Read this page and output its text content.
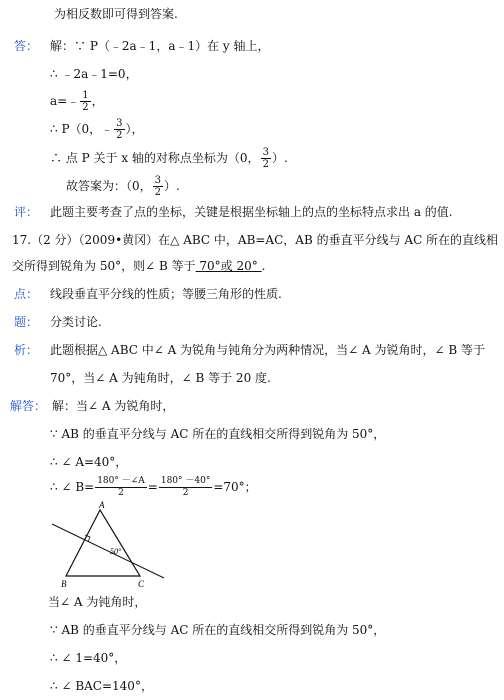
为相反数即可得到答案.
答： 解：∵ P（﹣2a﹣1，a﹣1）在 y 轴上，
∴ ﹣2a﹣1=0，
a=﹣ $\frac{1}{2}$ ，
∴ P（0，﹣ $\frac{3}{2}$ ），
∴ 点 P 关于 x 轴的对称点坐标为（0， $\frac{3}{2}$ ）.
故答案为：（0， $\frac{3}{2}$ ）.
评： 此题主要考查了点的坐标，关键是根据坐标轴上的点的坐标特点求出 a 的值.
17.（2 分）（2009•黄冈）在△ ABC 中，AB=AC，AB 的垂直平分线与 AC 所在的直线相
交所得到锐角为 50°，则∠ B 等于 70°或 20° .
点： 线段垂直平分线的性质；等腰三角形的性质.
题： 分类讨论.
析： 此题根据△ ABC 中∠ A 为锐角与钝角分为两种情况，当∠ A 为锐角时，∠ B 等于
70°，当∠ A 为钝角时，∠ B 等于 20 度.
解答： 解：当∠ A 为锐角时，
∵ AB 的垂直平分线与 AC 所在的直线相交所得到锐角为 50°，
∴ ∠ A=40°，
∴ ∠ $B= \frac{180^\circ -\angle A}{2} = \frac{180^\circ -40^\circ}{2} =70^\circ$；
A
B	C
50°
当∠ A 为钝角时，
∵ AB 的垂直平分线与 AC 所在的直线相交所得到锐角为 50°，
∴ ∠ 1=40°，
∴ ∠ BAC=140°，
